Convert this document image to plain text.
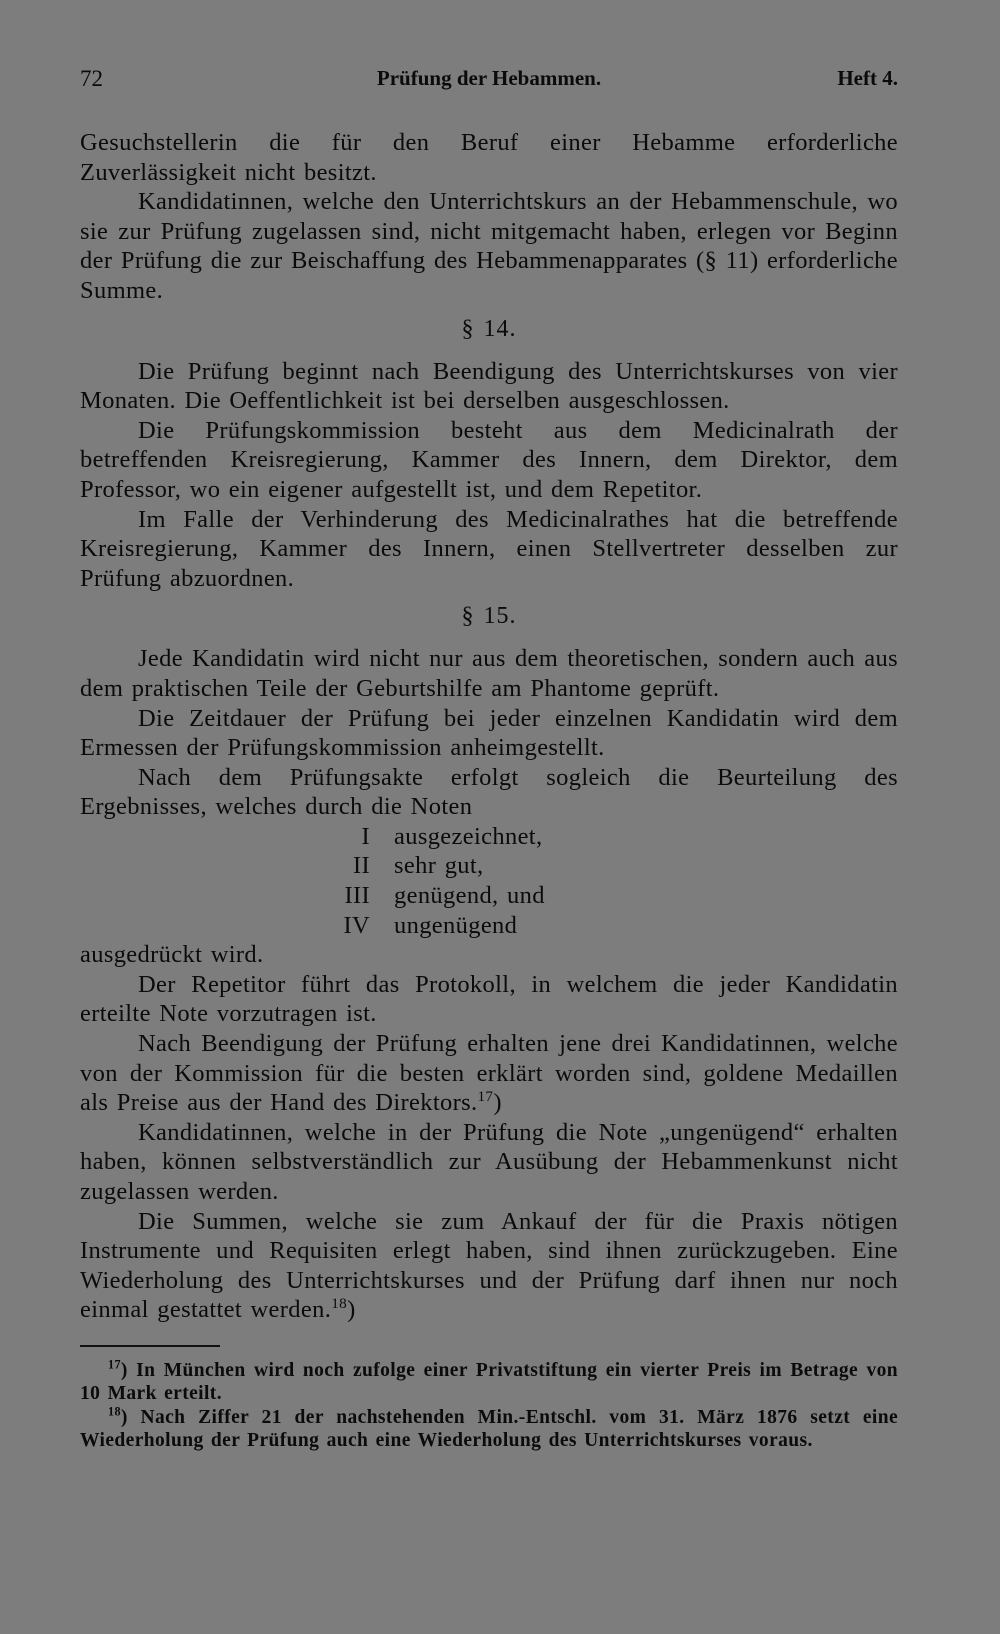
72	Prüfung der Hebammen.	Heft 4.

Gesuchstellerin die für den Beruf einer Hebamme erforderliche Zuverlässigkeit nicht besitzt.

Kandidatinnen, welche den Unterrichtskurs an der Hebammenschule, wo sie zur Prüfung zugelassen sind, nicht mitgemacht haben, erlegen vor Beginn der Prüfung die zur Beischaffung des Hebammenapparates (§ 11) erforderliche Summe.

§ 14.

Die Prüfung beginnt nach Beendigung des Unterrichtskurses von vier Monaten. Die Oeffentlichkeit ist bei derselben ausgeschlossen.

Die Prüfungskommission besteht aus dem Medicinalrath der betreffenden Kreisregierung, Kammer des Innern, dem Direktor, dem Professor, wo ein eigener aufgestellt ist, und dem Repetitor.

Im Falle der Verhinderung des Medicinalrathes hat die betreffende Kreisregierung, Kammer des Innern, einen Stellvertreter desselben zur Prüfung abzuordnen.

§ 15.

Jede Kandidatin wird nicht nur aus dem theoretischen, sondern auch aus dem praktischen Teile der Geburtshilfe am Phantome geprüft.

Die Zeitdauer der Prüfung bei jeder einzelnen Kandidatin wird dem Ermessen der Prüfungskommission anheimgestellt.

Nach dem Prüfungsakte erfolgt sogleich die Beurteilung des Ergebnisses, welches durch die Noten

I ausgezeichnet,
II sehr gut,
III genügend, und
IV ungenügend

ausgedrückt wird.

Der Repetitor führt das Protokoll, in welchem die jeder Kandidatin erteilte Note vorzutragen ist.

Nach Beendigung der Prüfung erhalten jene drei Kandidatinnen, welche von der Kommission für die besten erklärt worden sind, goldene Medaillen als Preise aus der Hand des Direktors.$^{17}$)

Kandidatinnen, welche in der Prüfung die Note „ungenügend“ erhalten haben, können selbstverständlich zur Ausübung der Hebammenkunst nicht zugelassen werden.

Die Summen, welche sie zum Ankauf der für die Praxis nötigen Instrumente und Requisiten erlegt haben, sind ihnen zurückzugeben. Eine Wiederholung des Unterrichtskurses und der Prüfung darf ihnen nur noch einmal gestattet werden.$^{18}$)

$^{17}$) In München wird noch zufolge einer Privatstiftung ein vierter Preis im Betrage von 10 Mark erteilt.

$^{18}$) Nach Ziffer 21 der nachstehenden Min.-Entschl. vom 31. März 1876 setzt eine Wiederholung der Prüfung auch eine Wiederholung des Unterrichtskurses voraus.
